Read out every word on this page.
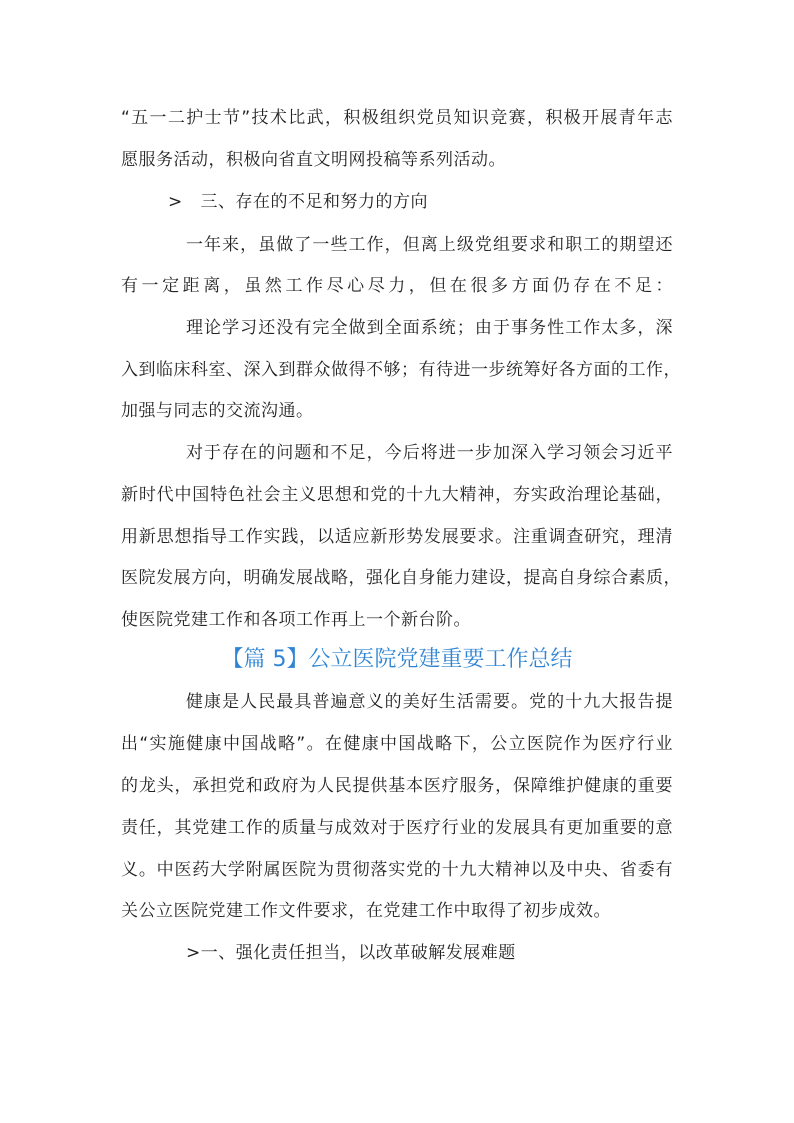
“五一二护士节”技术比武，积极组织党员知识竞赛，积极开展青年志
愿服务活动，积极向省直文明网投稿等系列活动。
>   三、存在的不足和努力的方向
一年来，虽做了一些工作，但离上级党组要求和职工的期望还
有一定距离，虽然工作尽心尽力，但在很多方面仍存在不足：
理论学习还没有完全做到全面系统；由于事务性工作太多，深
入到临床科室、深入到群众做得不够；有待进一步统筹好各方面的工作，
加强与同志的交流沟通。
对于存在的问题和不足，今后将进一步加深入学习领会习近平
新时代中国特色社会主义思想和党的十九大精神，夯实政治理论基础，
用新思想指导工作实践，以适应新形势发展要求。注重调查研究，理清
医院发展方向，明确发展战略，强化自身能力建设，提高自身综合素质，
使医院党建工作和各项工作再上一个新台阶。
【篇 5】公立医院党建重要工作总结
健康是人民最具普遍意义的美好生活需要。党的十九大报告提
出“实施健康中国战略”。在健康中国战略下，公立医院作为医疗行业
的龙头，承担党和政府为人民提供基本医疗服务，保障维护健康的重要
责任，其党建工作的质量与成效对于医疗行业的发展具有更加重要的意
义。中医药大学附属医院为贯彻落实党的十九大精神以及中央、省委有
关公立医院党建工作文件要求，在党建工作中取得了初步成效。
>一、强化责任担当，以改革破解发展难题
